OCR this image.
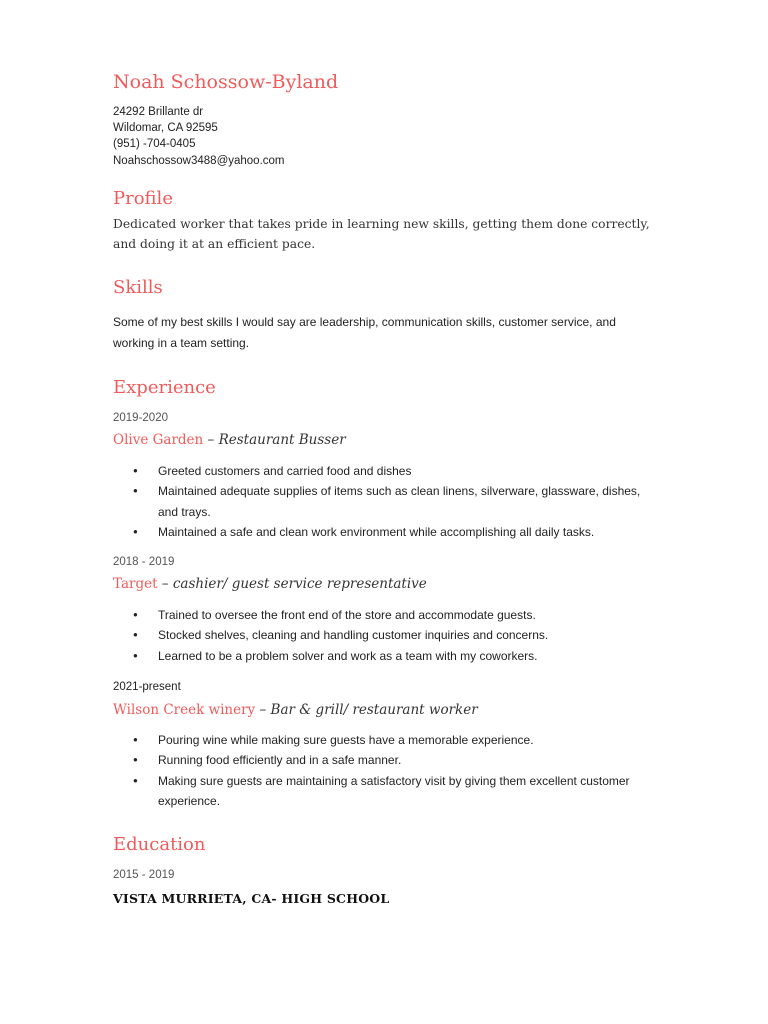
Noah Schossow-Byland
24292 Brillante dr
Wildomar, CA 92595
(951) -704-0405
Noahschossow3488@yahoo.com
Profile
Dedicated worker that takes pride in learning new skills, getting them done correctly, and doing it at an efficient pace.
Skills
Some of my best skills I would say are leadership, communication skills, customer service, and working in a team setting.
Experience
2019-2020
Olive Garden – Restaurant Busser
● Greeted customers and carried food and dishes
● Maintained adequate supplies of items such as clean linens, silverware, glassware, dishes, and trays.
● Maintained a safe and clean work environment while accomplishing all daily tasks.
2018 - 2019
Target – cashier/ guest service representative
● Trained to oversee the front end of the store and accommodate guests.
● Stocked shelves, cleaning and handling customer inquiries and concerns.
● Learned to be a problem solver and work as a team with my coworkers.
2021-present
Wilson Creek winery – Bar & grill/ restaurant worker
● Pouring wine while making sure guests have a memorable experience.
● Running food efficiently and in a safe manner.
● Making sure guests are maintaining a satisfactory visit by giving them excellent customer experience.
Education
2015 - 2019
VISTA MURRIETA, CA- HIGH SCHOOL
